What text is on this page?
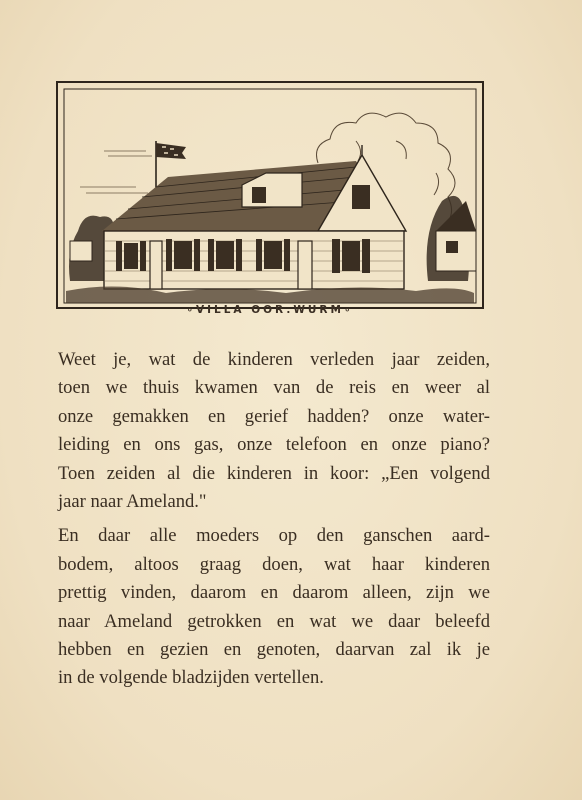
∘VILLA OOR.WURM∘

Weet je, wat de kinderen verleden jaar zeiden,
toen we thuis kwamen van de reis en weer al
onze gemakken en gerief hadden? onze water-
leiding en ons gas, onze telefoon en onze piano?
Toen zeiden al die kinderen in koor: „Een volgend
jaar naar Ameland."

En daar alle moeders op den ganschen aard-
bodem, altoos graag doen, wat haar kinderen
prettig vinden, daarom en daarom alleen, zijn we
naar Ameland getrokken en wat we daar beleefd
hebben en gezien en genoten, daarvan zal ik je
in de volgende bladzijden vertellen.
